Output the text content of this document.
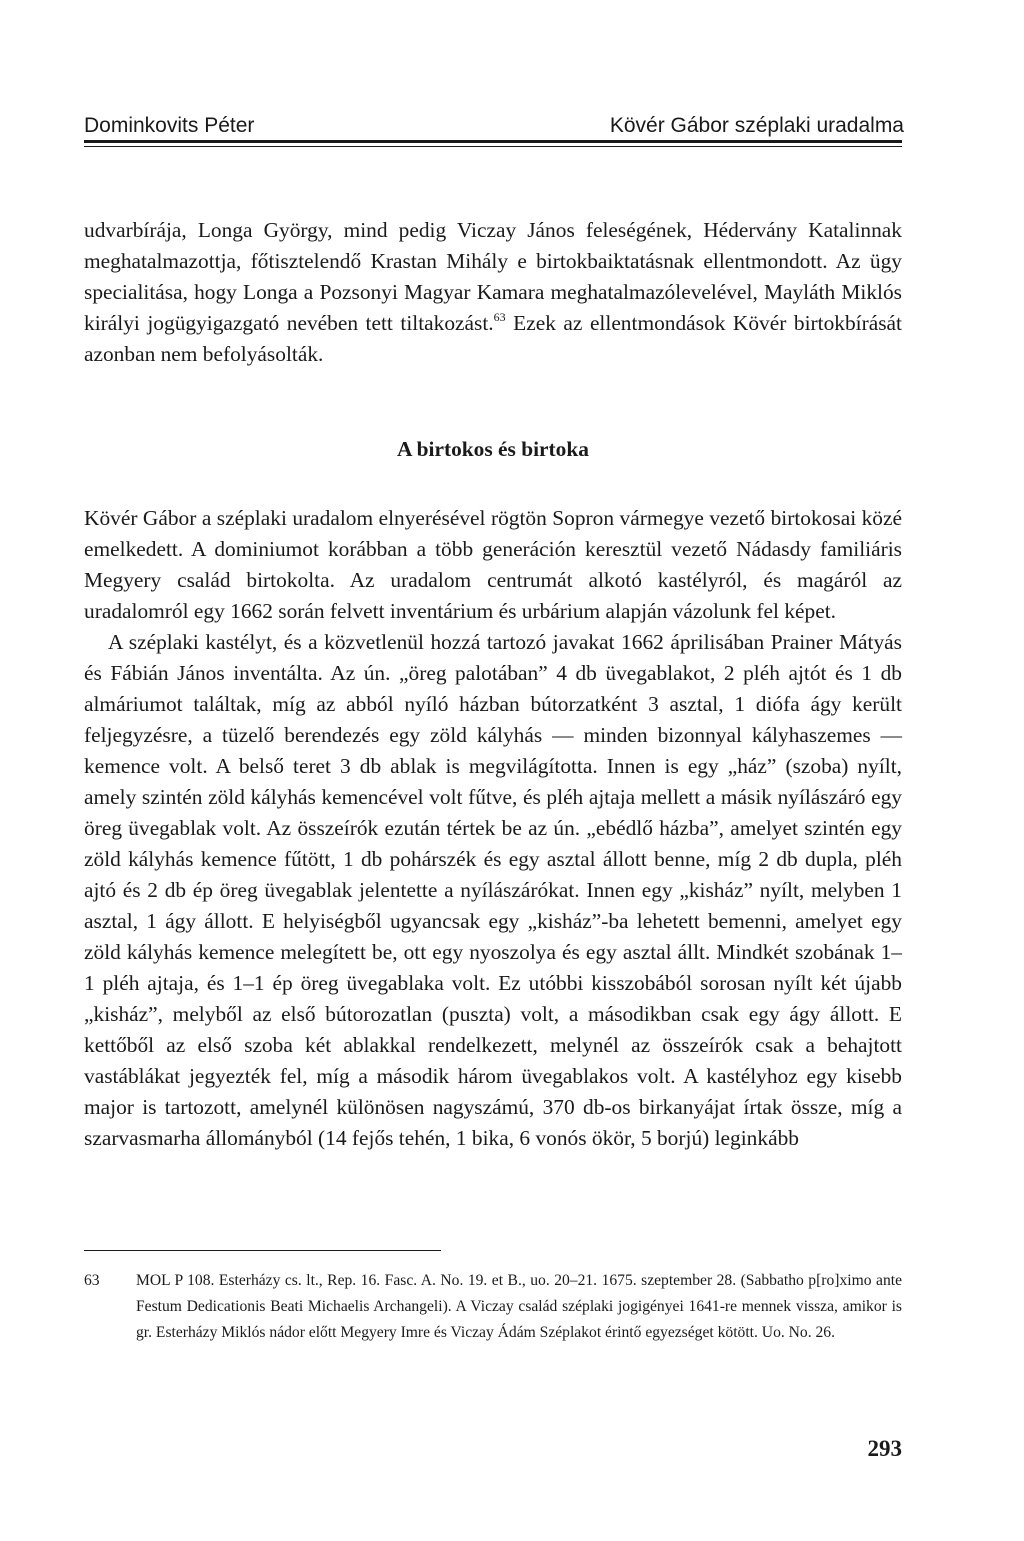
Dominkovits Péter	Kövér Gábor széplaki uradalma

udvarbírája, Longa György, mind pedig Viczay János feleségének, Hédervány Katalinnak meghatalmazottja, főtisztelendő Krastan Mihály e birtokbaiktatásnak ellentmondott. Az ügy specialitása, hogy Longa a Pozsonyi Magyar Kamara meghatalmazólevelével, Mayláth Miklós királyi jogügyigazgató nevében tett tiltakozást.$^{63}$ Ezek az ellentmondások Kövér birtokbírását azonban nem befolyásolták.

A birtokos és birtoka

Kövér Gábor a széplaki uradalom elnyerésével rögtön Sopron vármegye vezető birtokosai közé emelkedett. A dominiumot korábban a több generáción keresztül vezető Nádasdy familiáris Megyery család birtokolta. Az uradalom centrumát alkotó kastélyról, és magáról az uradalomról egy 1662 során felvett inventárium és urbárium alapján vázolunk fel képet.

A széplaki kastélyt, és a közvetlenül hozzá tartozó javakat 1662 áprilisában Prainer Mátyás és Fábián János inventálta. Az ún. „öreg palotában” 4 db üvegablakot, 2 pléh ajtót és 1 db almáriumot találtak, míg az abból nyíló házban bútorzatként 3 asztal, 1 diófa ágy került feljegyzésre, a tüzelő berendezés egy zöld kályhás — minden bizonnyal kályhaszemes — kemence volt. A belső teret 3 db ablak is megvilágította. Innen is egy „ház” (szoba) nyílt, amely szintén zöld kályhás kemencével volt fűtve, és pléh ajtaja mellett a másik nyílászáró egy öreg üvegablak volt. Az összeírók ezután tértek be az ún. „ebédlő házba”, amelyet szintén egy zöld kályhás kemence fűtött, 1 db pohárszék és egy asztal állott benne, míg 2 db dupla, pléh ajtó és 2 db ép öreg üvegablak jelentette a nyílászárókat. Innen egy „kisház” nyílt, melyben 1 asztal, 1 ágy állott. E helyiségből ugyancsak egy „kisház”-ba lehetett bemenni, amelyet egy zöld kályhás kemence melegített be, ott egy nyoszolya és egy asztal állt. Mindkét szobának 1–1 pléh ajtaja, és 1–1 ép öreg üvegablaka volt. Ez utóbbi kisszobából sorosan nyílt két újabb „kisház”, melyből az első bútorozatlan (puszta) volt, a másodikban csak egy ágy állott. E kettőből az első szoba két ablakkal rendelkezett, melynél az összeírók csak a behajtott vastáblákat jegyezték fel, míg a második három üvegablakos volt. A kastélyhoz egy kisebb major is tartozott, amelynél különösen nagyszámú, 370 db-os birkanyájat írtak össze, míg a szarvasmarha állományból (14 fejős tehén, 1 bika, 6 vonós ökör, 5 borjú) leginkább

63	MOL P 108. Esterházy cs. lt., Rep. 16. Fasc. A. No. 19. et B., uo. 20–21. 1675. szeptember 28. (Sabbatho p[ro]ximo ante Festum Dedicationis Beati Michaelis Archangeli). A Viczay család széplaki jogigényei 1641-re mennek vissza, amikor is gr. Esterházy Miklós nádor előtt Megyery Imre és Viczay Ádám Széplakot érintő egyezséget kötött. Uo. No. 26.
293
